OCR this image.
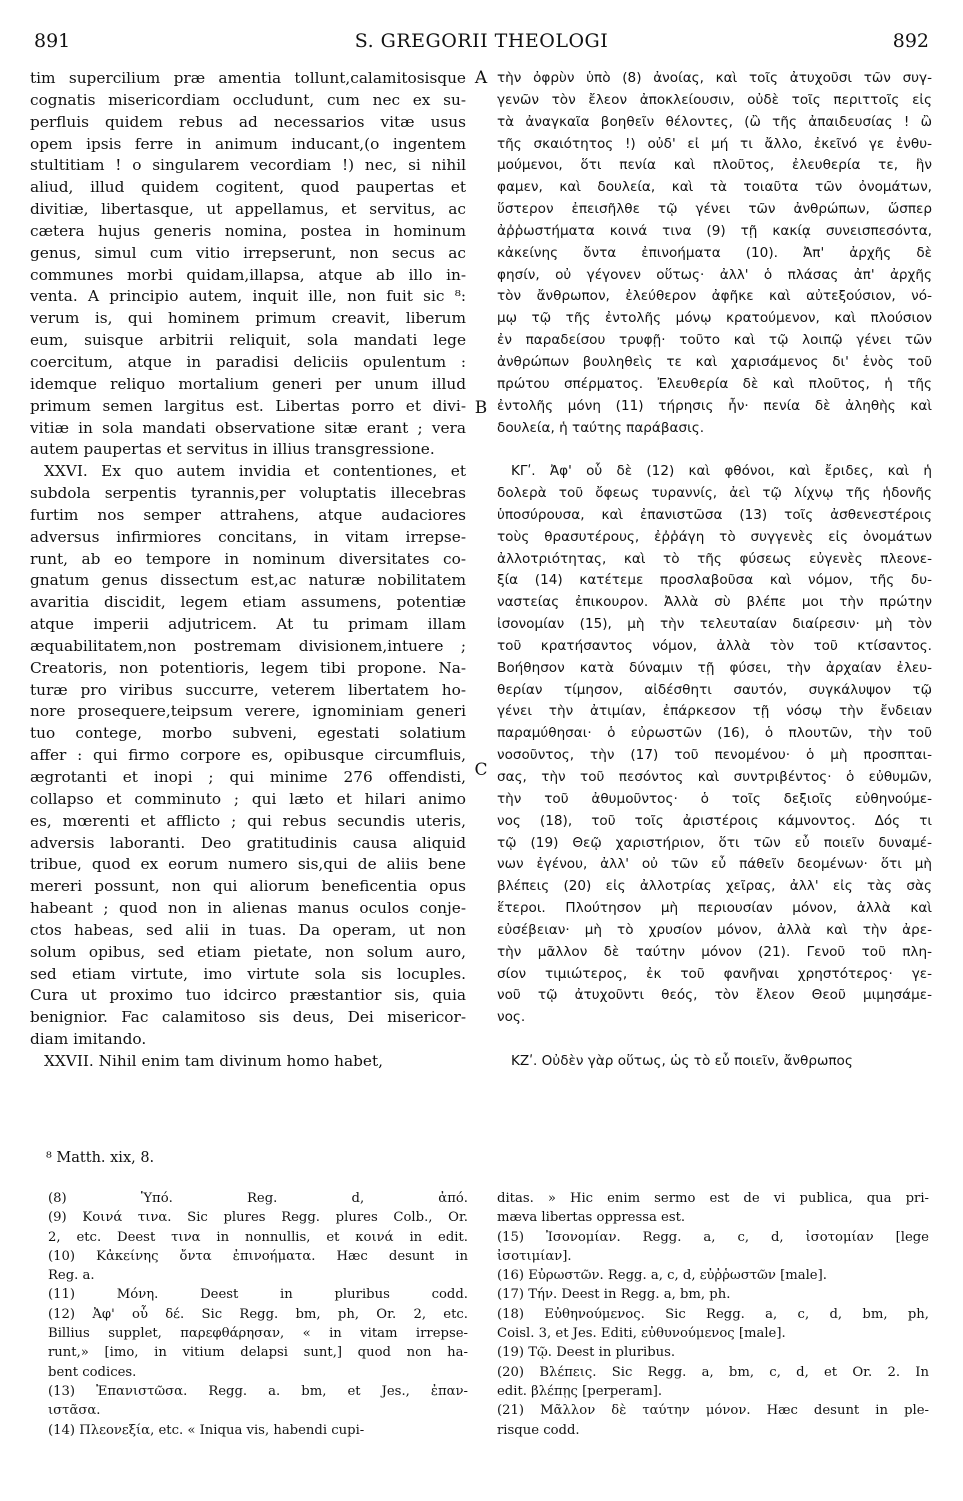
891	S. GREGORII THEOLOGI	892
tim supercilium præ amentia tollunt,calamitosisque
cognatis misericordiam occludunt, cum nec ex su-
perfluis quidem rebus ad necessarios vitæ usus
opem ipsis ferre in animum inducant,(o ingentem
stultitiam ! o singularem vecordiam !) nec, si nihil
aliud, illud quidem cogitent, quod paupertas et
divitiæ, libertasque, ut appellamus, et servitus, ac
cætera hujus generis nomina, postea in hominum
genus, simul cum vitio irrepserunt, non secus ac
communes morbi quidam,illapsa, atque ab illo in-
venta. A principio autem, inquit ille, non fuit sic ⁸:
verum is, qui hominem primum creavit, liberum
eum, suisque arbitrii reliquit, sola mandati lege
coercitum, atque in paradisi deliciis opulentum :
idemque reliquo mortalium generi per unum illud
primum semen largitus est. Libertas porro et divi-
vitiæ in sola mandati observatione sitæ erant ; vera
autem paupertas et servitus in illius transgressione.
XXVI. Ex quo autem invidia et contentiones, et
subdola serpentis tyrannis,per voluptatis illecebras
furtim nos semper attrahens, atque audaciores
adversus infirmiores concitans, in vitam irrepse-
runt, ab eo tempore in nominum diversitates co-
gnatum genus dissectum est,ac naturæ nobilitatem
avaritia discidit, legem etiam assumens, potentiæ
atque imperii adjutricem. At tu primam illam
æquabilitatem,non postremam divisionem,intuere ;
Creatoris, non potentioris, legem tibi propone. Na-
turæ pro viribus succurre, veterem libertatem ho-
nore prosequere,teipsum verere, ignominiam generi
tuo contege, morbo subveni, egestati solatium
affer : qui firmo corpore es, opibusque circumfluis,
ægrotanti et inopi ; qui minime 276 offendisti,
collapso et comminuto ; qui læto et hilari animo
es, mœrenti et afflicto ; qui rebus secundis uteris,
adversis laboranti. Deo gratitudinis causa aliquid
tribue, quod ex eorum numero sis,qui de aliis bene
mereri possunt, non qui aliorum beneficentia opus
habeant ; quod non in alienas manus oculos conje-
ctos habeas, sed alii in tuas. Da operam, ut non
solum opibus, sed etiam pietate, non solum auro,
sed etiam virtute, imo virtute sola sis locuples.
Cura ut proximo tuo idcirco præstantior sis, quia
benignior. Fac calamitoso sis deus, Dei misericor-
diam imitando.
XXVII. Nihil enim tam divinum homo habet,
τὴν ὀφρὺν ὑπὸ (8) ἀνοίας, καὶ τοῖς ἀτυχοῦσι τῶν συγ-
γενῶν τὸν ἔλεον ἀποκλείουσιν, οὐδὲ τοῖς περιττοῖς εἰς
τὰ ἀναγκαῖα βοηθεῖν θέλοντες, (ὢ τῆς ἀπαιδευσίας ! ὢ
τῆς σκαιότητος !) οὐδ' εἰ μή τι ἄλλο, ἐκεῖνό γε ἐνθυ-
μούμενοι, ὅτι πενία καὶ πλοῦτος, ἐλευθερία τε, ἣν
φαμεν, καὶ δουλεία, καὶ τὰ τοιαῦτα τῶν ὀνομάτων,
ὕστερον ἐπεισῆλθε τῷ γένει τῶν ἀνθρώπων, ὥσπερ
ἀῤῥωστήματα κοινά τινα (9) τῇ κακίᾳ συνεισπεσόντα,
κἀκείνης ὄντα ἐπινοήματα (10). Ἀπ' ἀρχῆς δὲ
φησίν, οὐ γέγονεν οὕτως· ἀλλ' ὁ πλάσας ἀπ' ἀρχῆς
τὸν ἄνθρωπον, ἐλεύθερον ἀφῆκε καὶ αὐτεξούσιον, νό-
μῳ τῷ τῆς ἐντολῆς μόνῳ κρατούμενον, καὶ πλούσιον
ἐν παραδείσου τρυφῇ· τοῦτο καὶ τῷ λοιπῷ γένει τῶν
ἀνθρώπων βουληθεὶς τε καὶ χαρισάμενος δι' ἑνὸς τοῦ
πρώτου σπέρματος. Ἐλευθερία δὲ καὶ πλοῦτος, ἡ τῆς
ἐντολῆς μόνη (11) τήρησις ἦν· πενία δὲ ἀληθὴς καὶ
δουλεία, ἡ ταύτης παράβασις.

ΚΓʹ. Ἀφ' οὗ δὲ (12) καὶ φθόνοι, καὶ ἔριδες, καὶ ἡ
δολερὰ τοῦ ὄφεως τυραννίς, ἀεὶ τῷ λίχνῳ τῆς ἡδονῆς
ὑποσύρουσα, καὶ ἐπανιστῶσα (13) τοῖς ἀσθενεστέροις
τοὺς θρασυτέρους, ἐῤῥάγη τὸ συγγενὲς εἰς ὀνομάτων
ἀλλοτριότητας, καὶ τὸ τῆς φύσεως εὐγενὲς πλεονε-
ξία (14) κατέτεμε προσλαβοῦσα καὶ νόμον, τῆς δυ-
ναστείας ἐπικουρον. Ἀλλὰ σὺ βλέπε μοι τὴν πρώτην
ἰσονομίαν (15), μὴ τὴν τελευταίαν διαίρεσιν· μὴ τὸν
τοῦ κρατήσαντος νόμον, ἀλλὰ τὸν τοῦ κτίσαντος.
Βοήθησον κατὰ δύναμιν τῇ φύσει, τὴν ἀρχαίαν ἐλευ-
θερίαν τίμησον, αἰδέσθητι σαυτόν, συγκάλυψον τῷ
γένει τὴν ἀτιμίαν, ἐπάρκεσον τῇ νόσῳ τὴν ἔνδειαν
παραμύθησαι· ὁ εὐρωστῶν (16), ὁ πλουτῶν, τὴν τοῦ
νοσοῦντος, τὴν (17) τοῦ πενομένου· ὁ μὴ προσπται-
σας, τὴν τοῦ πεσόντος καὶ συντριβέντος· ὁ εὐθυμῶν,
τὴν τοῦ ἀθυμοῦντος· ὁ τοῖς δεξιοῖς εὐθηνούμε-
νος (18), τοῦ τοῖς ἀριστέροις κάμνοντος. Δός τι
τῷ (19) Θεῷ χαριστήριον, ὅτι τῶν εὖ ποιεῖν δυναμέ-
νων ἐγένου, ἀλλ' οὐ τῶν εὖ πάθεῖν δεομένων· ὅτι μὴ
βλέπεις (20) εἰς ἀλλοτρίας χεῖρας, ἀλλ' εἰς τὰς σὰς
ἕτεροι. Πλούτησον μὴ περιουσίαν μόνον, ἀλλὰ καὶ
εὐσέβειαν· μὴ τὸ χρυσίον μόνον, ἀλλὰ καὶ τὴν ἀρε-
τὴν μᾶλλον δὲ ταύτην μόνον (21). Γενοῦ τοῦ πλη-
σίον τιμιώτερος, ἐκ τοῦ φανῆναι χρηστότερος· γε-
νοῦ τῷ ἀτυχοῦντι θεός, τὸν ἔλεον Θεοῦ μιμησάμε-
νος.

ΚΖʹ. Οὐδὲν γὰρ οὕτως, ὡς τὸ εὖ ποιεῖν, ἄνθρωπος
A
B
C
⁸ Matth. xix, 8.
(8) Ὑπό. Reg. d, ἀπό.
(9) Κοινά τινα. Sic plures Regg. plures Colb., Or.
2, etc. Deest τινα in nonnullis, et κοινά in edit.
(10) Κἀκείνης ὄντα ἐπινοήματα. Hæc desunt in
Reg. a.
(11) Μόνη. Deest in pluribus codd.
(12) Ἀφ' οὗ δέ. Sic Regg. bm, ph, Or. 2, etc.
Billius supplet, παρεφθάρησαν, « in vitam irrepse-
runt,» [imo, in vitium delapsi sunt,] quod non ha-
bent codices.
(13) Ἐπανιστῶσα. Regg. a. bm, et Jes., ἐπαν-
ιστᾶσα.
(14) Πλεονεξία, etc. « Iniqua vis, habendi cupi-
ditas. » Hic enim sermo est de vi publica, qua pri-
mæva libertas oppressa est.
(15) Ἰσονομίαν. Regg. a, c, d, ἰσοτομίαν [lege
ἰσοτιμίαν].
(16) Εὐρωστῶν. Regg. a, c, d, εὐῤῥωστῶν [male].
(17) Τήν. Deest in Regg. a, bm, ph.
(18) Εὐθηνούμενος. Sic Regg. a, c, d, bm, ph,
Coisl. 3, et Jes. Editi, εὐθυνούμενος [male].
(19) Τῷ. Deest in pluribus.
(20) Βλέπεις. Sic Regg. a, bm, c, d, et Or. 2. In
edit. βλέπῃς [perperam].
(21) Μᾶλλον δὲ ταύτην μόνον. Hæc desunt in ple-
risque codd.
